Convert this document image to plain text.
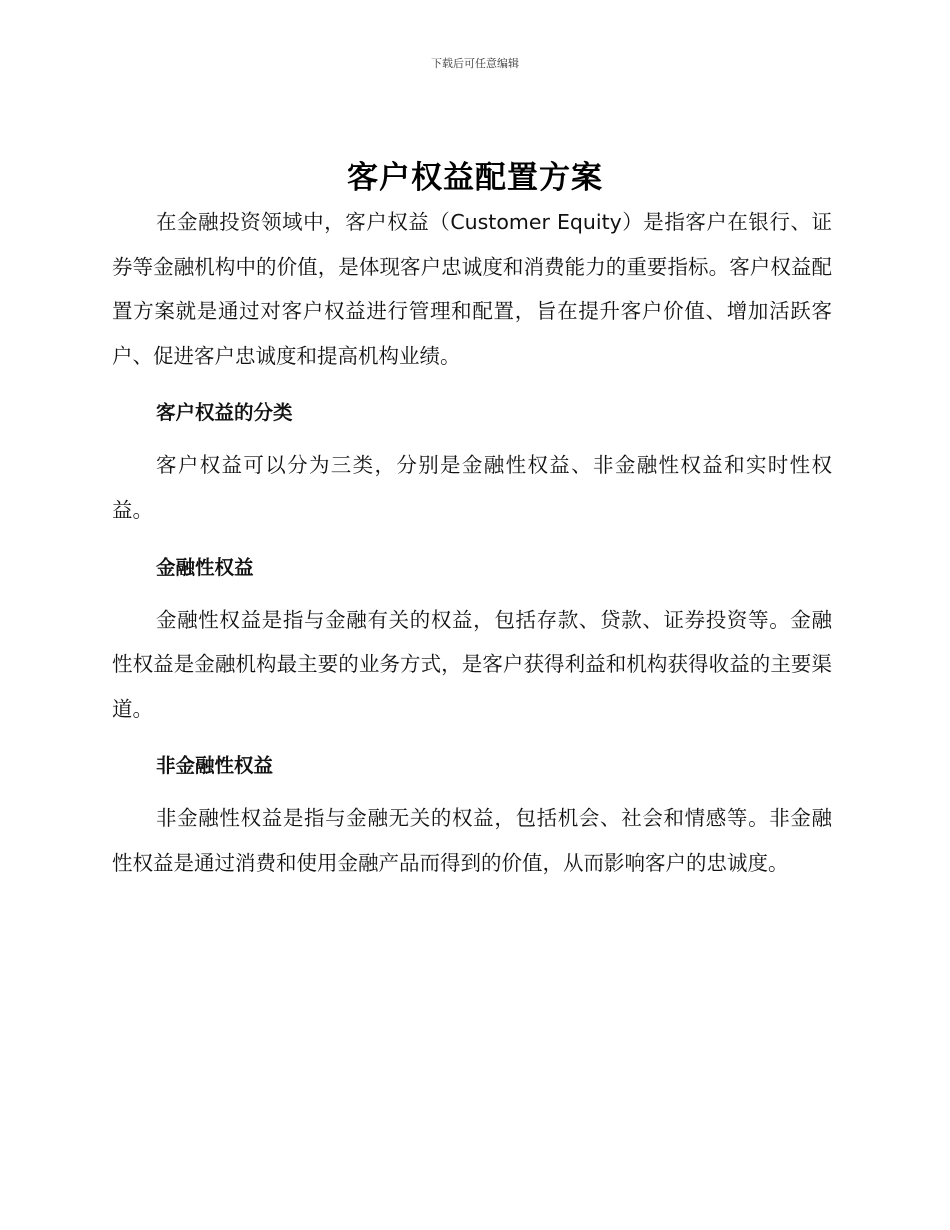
下载后可任意编辑
客户权益配置方案

在金融投资领域中，客户权益（Customer Equity）是指客户在银行、证券等金融机构中的价值，是体现客户忠诚度和消费能力的重要指标。客户权益配置方案就是通过对客户权益进行管理和配置，旨在提升客户价值、增加活跃客户、促进客户忠诚度和提高机构业绩。

客户权益的分类

客户权益可以分为三类，分别是金融性权益、非金融性权益和实时性权益。

金融性权益

金融性权益是指与金融有关的权益，包括存款、贷款、证券投资等。金融性权益是金融机构最主要的业务方式，是客户获得利益和机构获得收益的主要渠道。

非金融性权益

非金融性权益是指与金融无关的权益，包括机会、社会和情感等。非金融性权益是通过消费和使用金融产品而得到的价值，从而影响客户的忠诚度。
